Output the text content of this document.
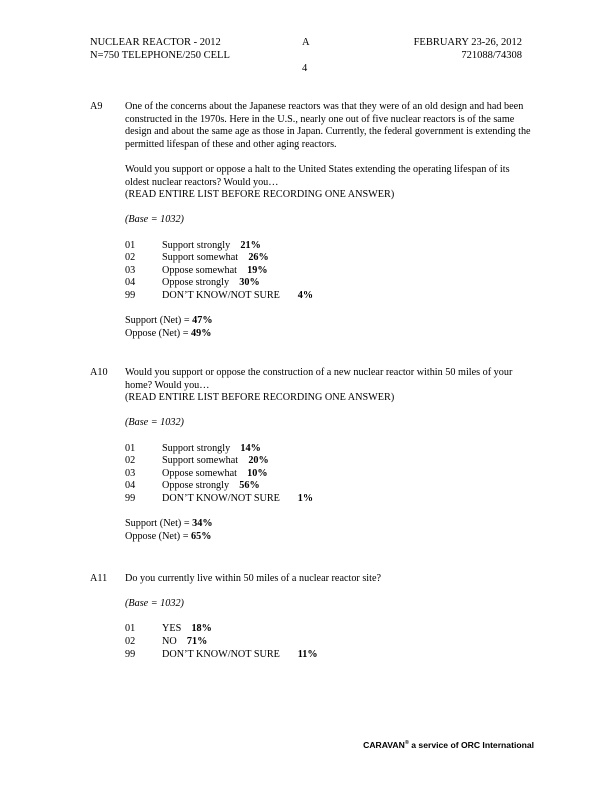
NUCLEAR REACTOR - 2012
N=750 TELEPHONE/250 CELL
A
4
FEBRUARY 23-26, 2012
721088/74308
A9 One of the concerns about the Japanese reactors was that they were of an old design and had been constructed in the 1970s. Here in the U.S., nearly one out of five nuclear reactors is of the same design and about the same age as those in Japan. Currently, the federal government is extending the permitted lifespan of these and other aging reactors.

Would you support or oppose a halt to the United States extending the operating lifespan of its oldest nuclear reactors? Would you…

(READ ENTIRE LIST BEFORE RECORDING ONE ANSWER)

(Base = 1032)

01	Support strongly 21%
02	Support somewhat 26%
03	Oppose somewhat 19%
04	Oppose strongly 30%
99	DON’T KNOW/NOT SURE 4%

Support (Net) = 47%

Oppose (Net) = 49%

A10 Would you support or oppose the construction of a new nuclear reactor within 50 miles of your home? Would you…

(READ ENTIRE LIST BEFORE RECORDING ONE ANSWER)

(Base = 1032)

01	Support strongly 14%
02	Support somewhat 20%
03	Oppose somewhat 10%
04	Oppose strongly 56%
99	DON’T KNOW/NOT SURE 1%

Support (Net) = 34%

Oppose (Net) = 65%

A11 Do you currently live within 50 miles of a nuclear reactor site?

(Base = 1032)

01	YES 18%
02	NO 71%
99	DON’T KNOW/NOT SURE 11%
CARAVAN® a service of ORC International
